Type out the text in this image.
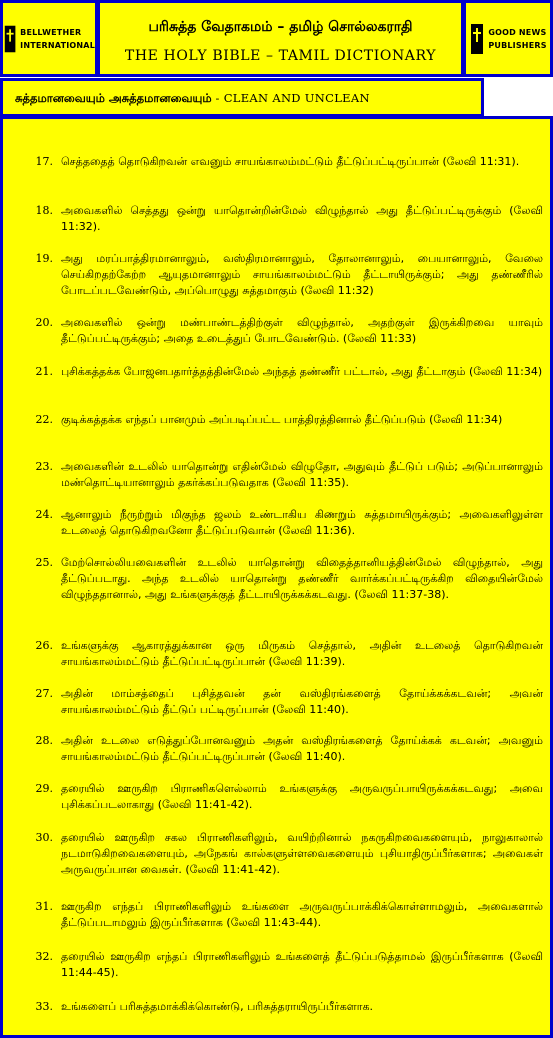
BELLWETHER
INTERNATIONAL
பரிசுத்த வேதாகமம் – தமிழ் சொல்லகராதி
THE HOLY BIBLE – TAMIL DICTIONARY
GOOD NEWS
PUBLISHERS
சுத்தமானவையும் அசுத்தமானவையும் - CLEAN AND UNCLEAN
17. செத்ததைத் தொடுகிறவன் எவனும் சாயங்காலம்மட்டும் தீட்டுப்பட்டிருப்பான் (லேவி 11:31).
18. அவைகளில் செத்தது ஒன்று யாதொன்றின்மேல் விழுந்தால் அது தீட்டுப்பட்டிருக்கும் (லேவி 11:32).
19. அது மரப்பாத்திரமானாலும், வஸ்திரமானாலும், தோலானாலும், பையானாலும், வேலை செய்கிறதற்கேற்ற ஆயுதமானாலும் சாயங்காலம்மட்டும் தீட்டாயிருக்கும்; அது தண்ணீரில் போடப்படவேண்டும், அப்பொழுது சுத்தமாகும் (லேவி 11:32)
20. அவைகளில் ஒன்று மண்பாண்டத்திற்குள் விழுந்தால், அதற்குள் இருக்கிறவை யாவும் தீட்டுப்பட்டிருக்கும்; அதை உடைத்துப் போடவேண்டும். (லேவி 11:33)
21. புசிக்கத்தக்க போஜனபதார்த்தத்தின்மேல் அந்தத் தண்ணீர் பட்டால், அது தீட்டாகும் (லேவி 11:34)
22. குடிக்கத்தக்க எந்தப் பானமும் அப்படிப்பட்ட பாத்திரத்தினால் தீட்டுப்படும் (லேவி 11:34)
23. அவைகளின் உடலில் யாதொன்று எதின்மேல் விழுதோ, அதுவும் தீட்டுப் படும்; அடுப்பானாலும் மண்தொட்டியானாலும் தகர்க்கப்படுவதாக (லேவி 11:35).
24. ஆனாலும் நீருற்றும் மிகுந்த ஜலம் உண்டாகிய கிணறும் சுத்தமாயிருக்கும்; அவைகளிலுள்ள உடலைத் தொடுகிறவனோ தீட்டுப்படுவான் (லேவி 11:36).
25. மேற்சொல்லியவைகளின் உடலில் யாதொன்று விதைத்தானியத்தின்மேல் விழுந்தால், அது தீட்டுப்படாது. அந்த உடலில் யாதொன்று தண்ணீர் வார்க்கப்பட்டிருக்கிற விதையின்மேல் விழுந்ததானால், அது உங்களுக்குத் தீட்டாயிருக்கக்கடவது. (லேவி 11:37-38).
26. உங்களுக்கு ஆகாரத்துக்கான ஒரு மிருகம் செத்தால், அதின் உடலைத் தொடுகிறவன் சாயங்காலம்மட்டும் தீட்டுப்பட்டிருப்பான் (லேவி 11:39).
27. அதின் மாம்சத்தைப் புசித்தவன் தன் வஸ்திரங்களைத் தோய்க்கக்கடவன்; அவன் சாயங்காலம்மட்டும் தீட்டுப் பட்டிருப்பான் (லேவி 11:40).
28. அதின் உடலை எடுத்துப்போனவனும் அதன் வஸ்திரங்களைத் தோய்க்கக் கடவன்; அவனும் சாயங்காலம்மட்டும் தீட்டுப்பட்டிருப்பான் (லேவி 11:40).
29. தரையில் ஊருகிற பிராணிகளெல்லாம் உங்களுக்கு அருவருப்பாயிருக்கக்கடவது; அவை புசிக்கப்படலாகாது (லேவி 11:41-42).
30. தரையில் ஊருகிற சகல பிராணிகளிலும், வயிற்றினால் நகருகிறவைகளையும், நாலுகாலால் நடமாடுகிறவைகளையும், அநேகங் கால்களுள்ளவைகளையும் புசியாதிருப்பீர்களாக; அவைகள் அருவருப்பான வைகள். (லேவி 11:41-42).
31. ஊருகிற எந்தப் பிராணிகளிலும் உங்களை அருவருப்பாக்கிக்கொள்ளாமலும், அவைகளால் தீட்டுப்படாமலும் இருப்பீர்களாக (லேவி 11:43-44).
32. தரையில் ஊருகிற எந்தப் பிராணிகளிலும் உங்களைத் தீட்டுப்படுத்தாமல் இருப்பீர்களாக (லேவி 11:44-45).
33. உங்களைப் பரிசுத்தமாக்கிக்கொண்டு, பரிசுத்தராயிருப்பீர்களாக.
